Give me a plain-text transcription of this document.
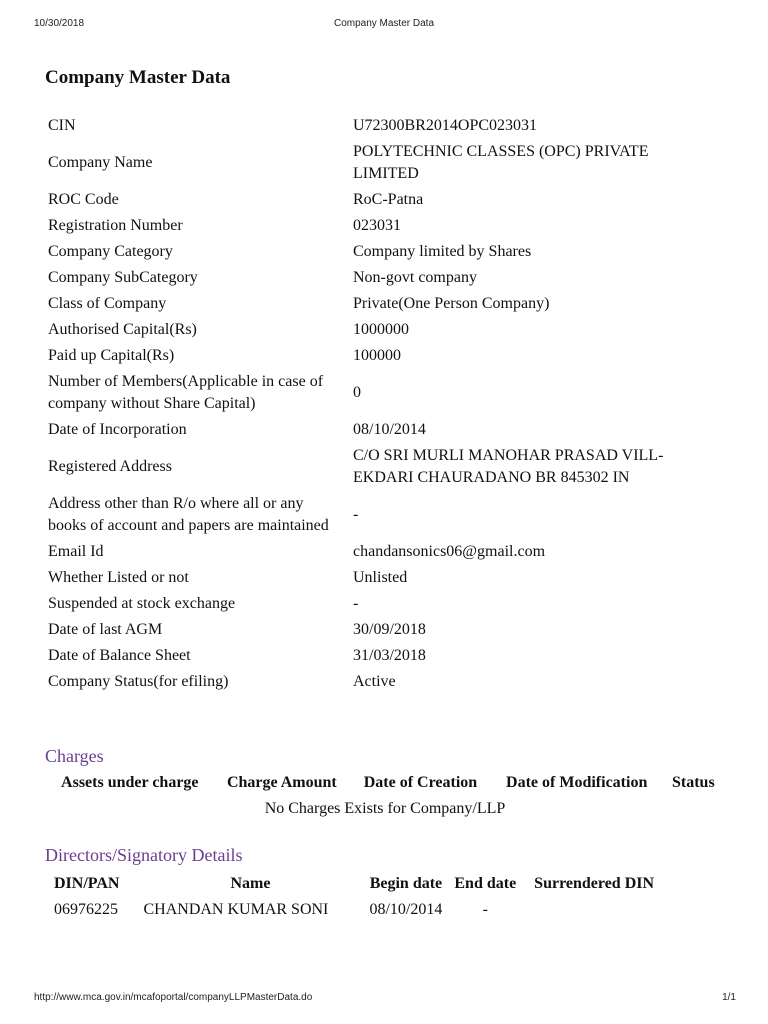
10/30/2018	Company Master Data
Company Master Data
CIN	U72300BR2014OPC023031
Company Name	POLYTECHNIC CLASSES (OPC) PRIVATE LIMITED
ROC Code	RoC-Patna
Registration Number	023031
Company Category	Company limited by Shares
Company SubCategory	Non-govt company
Class of Company	Private(One Person Company)
Authorised Capital(Rs)	1000000
Paid up Capital(Rs)	100000
Number of Members(Applicable in case of company without Share Capital)	0
Date of Incorporation	08/10/2014
Registered Address	C/O SRI MURLI MANOHAR PRASAD VILL-EKDARI CHAURADANO BR 845302 IN
Address other than R/o where all or any books of account and papers are maintained	-
Email Id	chandansonics06@gmail.com
Whether Listed or not	Unlisted
Suspended at stock exchange	-
Date of last AGM	30/09/2018
Date of Balance Sheet	31/03/2018
Company Status(for efiling)	Active
Charges
Assets under charge	Charge Amount	Date of Creation	Date of Modification	Status
No Charges Exists for Company/LLP
Directors/Signatory Details
DIN/PAN	Name	Begin date	End date	Surrendered DIN
06976225	CHANDAN KUMAR SONI	08/10/2014	-	
http://www.mca.gov.in/mcafoportal/companyLLPMasterData.do	1/1
